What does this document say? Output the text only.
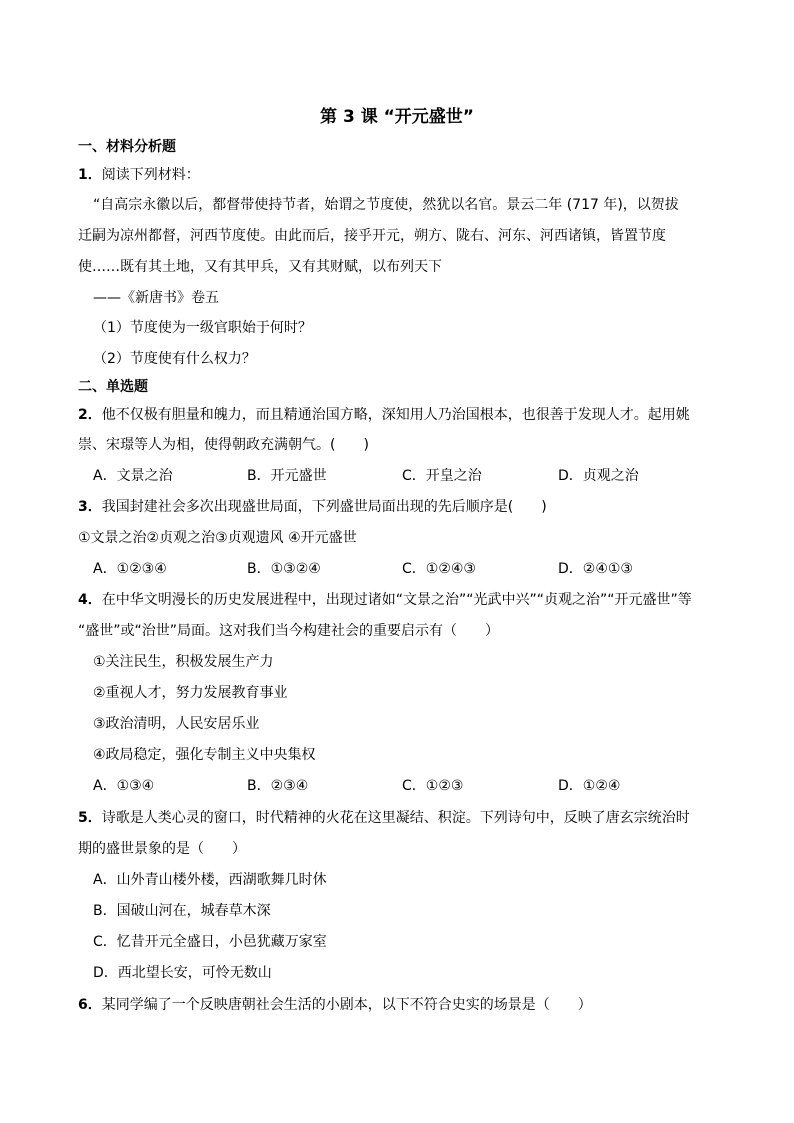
第 3 课 “开元盛世”
一、材料分析题
1．阅读下列材料：
“自高宗永徽以后，都督带使持节者，始谓之节度使，然犹以名官。景云二年 (717 年)，以贺拔
迁嗣为凉州都督，河西节度使。由此而后，接乎开元，朔方、陇右、河东、河西诸镇，皆置节度
使……既有其土地，又有其甲兵，又有其财赋，以布列天下
——《新唐书》卷五
（1）节度使为一级官职始于何时？
（2）节度使有什么权力？
二、单选题
2．他不仅极有胆量和魄力，而且精通治国方略，深知用人乃治国根本，也很善于发现人才。起用姚
崇、宋璟等人为相，使得朝政充满朝气。(　　)
A．文景之治	B．开元盛世	C．开皇之治	D．贞观之治
3．我国封建社会多次出现盛世局面，下列盛世局面出现的先后顺序是(　　)
①文景之治②贞观之治③贞观遗风 ④开元盛世
A．①②③④	B．①③②④	C．①②④③	D．②④①③
4．在中华文明漫长的历史发展进程中，出现过诸如“文景之治”“光武中兴”“贞观之治”“开元盛世”等
“盛世”或“治世”局面。这对我们当今构建社会的重要启示有（　　）
①关注民生，积极发展生产力
②重视人才，努力发展教育事业
③政治清明，人民安居乐业
④政局稳定，强化专制主义中央集权
A．①③④	B．②③④	C．①②③	D．①②④
5．诗歌是人类心灵的窗口，时代精神的火花在这里凝结、积淀。下列诗句中，反映了唐玄宗统治时
期的盛世景象的是（　　）
A．山外青山楼外楼，西湖歌舞几时休
B．国破山河在，城春草木深
C．忆昔开元全盛日，小邑犹藏万家室
D．西北望长安，可怜无数山
6．某同学编了一个反映唐朝社会生活的小剧本，以下不符合史实的场景是（　　）
